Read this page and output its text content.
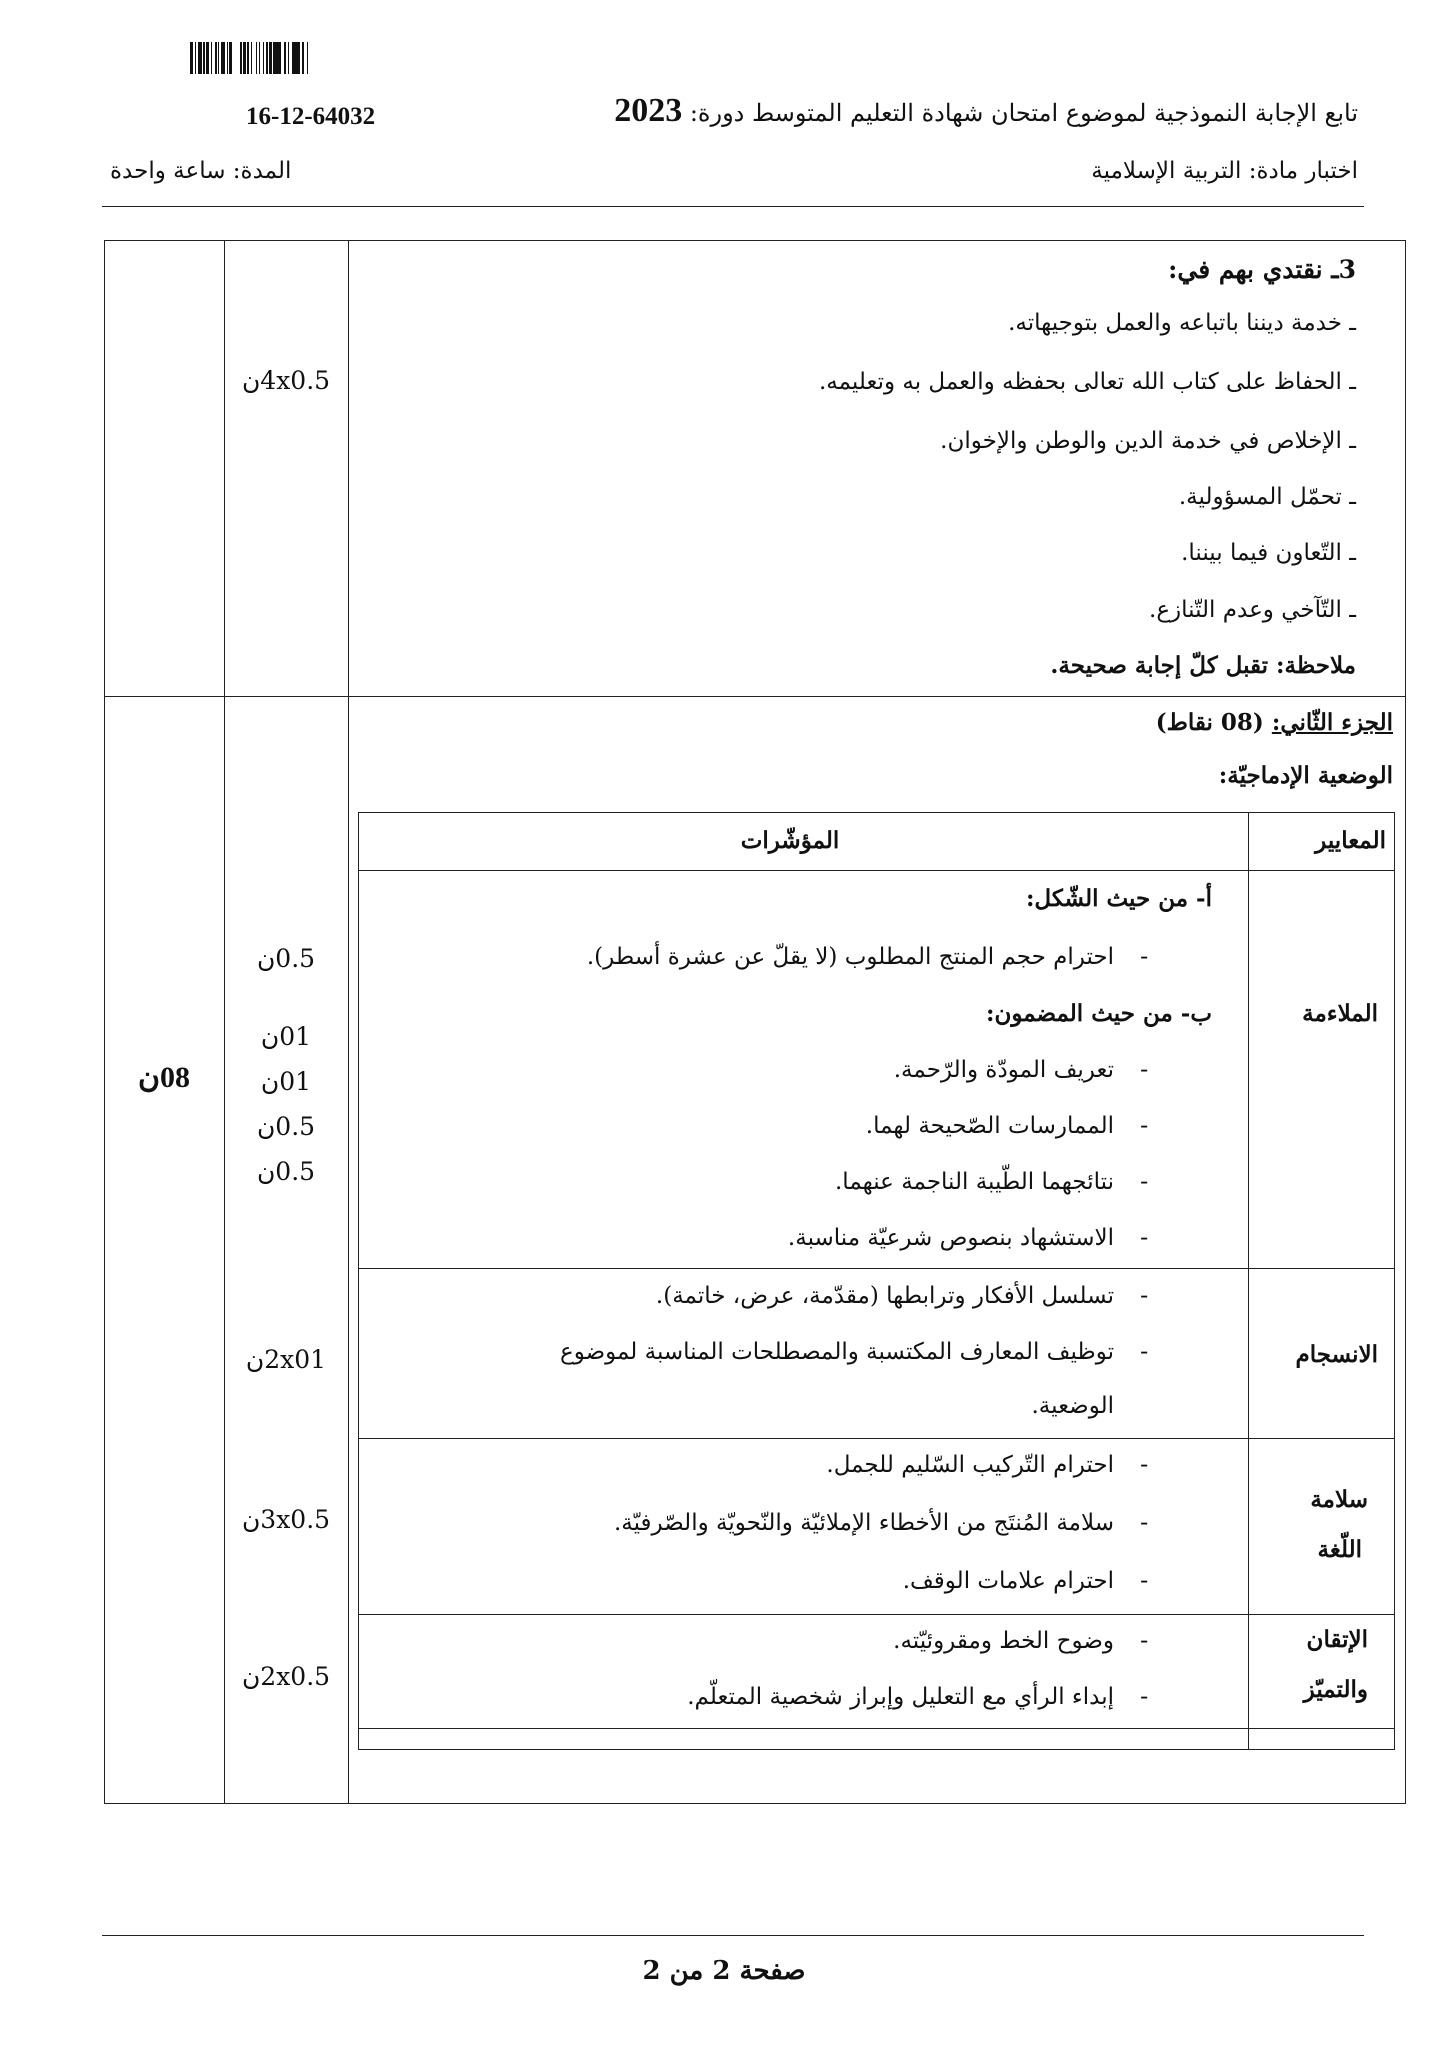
16-12-64032	تابع الإجابة النموذجية لموضوع امتحان شهادة التعليم المتوسط دورة: 2023
اختبار مادة: التربية الإسلامية
المدة: ساعة واحدة
3ـ نقتدي بهم في:
ـ خدمة ديننا باتباعه والعمل بتوجيهاته.
ـ الحفاظ على كتاب الله تعالى بحفظه والعمل به وتعليمه.
ـ الإخلاص في خدمة الدين والوطن والإخوان.
ـ تحمّل المسؤولية.
ـ التّعاون فيما بيننا.
ـ التّآخي وعدم التّنازع.
ملاحظة: تقبل كلّ إجابة صحيحة.
4x0.5ن
الجزء الثّاني: (08 نقاط)
الوضعية الإدماجيّة:
08ن
المعايير
المؤشّرات
الملاءمة
أ- من حيث الشّكل:
-
احترام حجم المنتج المطلوب (لا يقلّ عن عشرة أسطر).
ب- من حيث المضمون:
-
تعريف المودّة والرّحمة.
-
الممارسات الصّحيحة لهما.
-
نتائجهما الطّيبة الناجمة عنهما.
-
الاستشهاد بنصوص شرعيّة مناسبة.
0.5ن
01ن
01ن
0.5ن
0.5ن
الانسجام
-
تسلسل الأفكار وترابطها (مقدّمة، عرض، خاتمة).
-
توظيف المعارف المكتسبة والمصطلحات المناسبة لموضوع
الوضعية.
2x01ن
سلامة
اللّغة
-
احترام التّركيب السّليم للجمل.
-
سلامة المُنتَج من الأخطاء الإملائيّة والنّحويّة والصّرفيّة.
-
احترام علامات الوقف.
3x0.5ن
الإتقان
والتميّز
-
وضوح الخط ومقروئيّته.
-
إبداء الرأي مع التعليل وإبراز شخصية المتعلّم.
2x0.5ن
صفحة 2 من 2
